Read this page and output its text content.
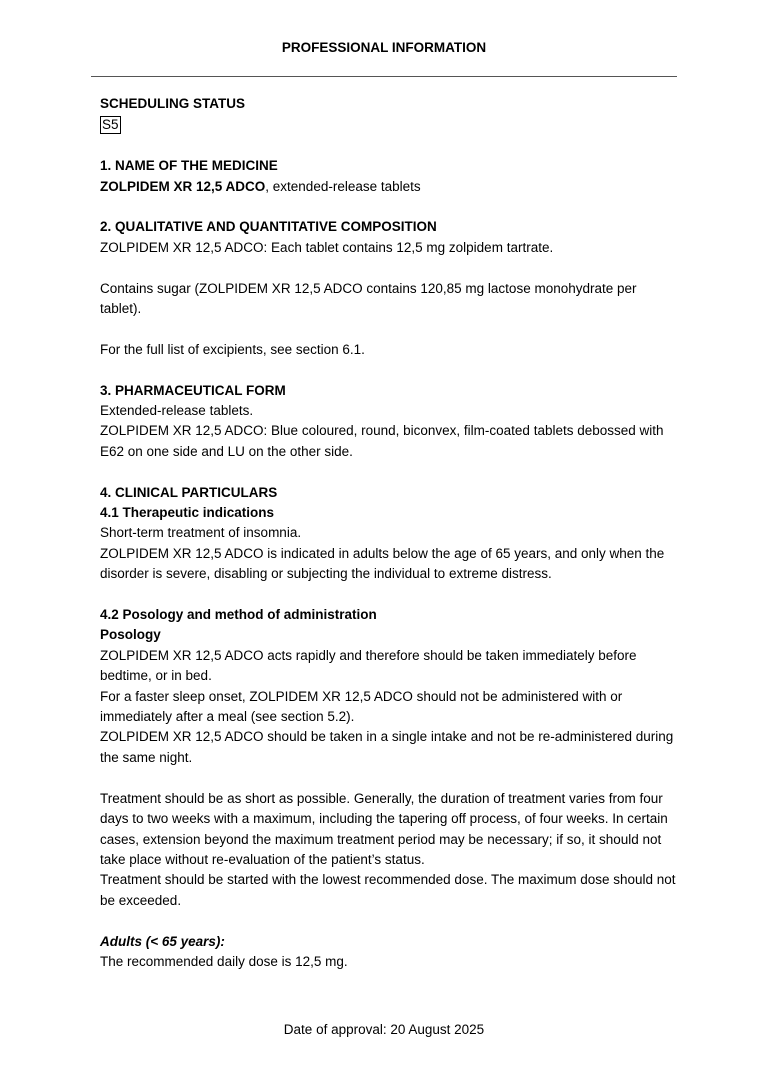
PROFESSIONAL INFORMATION

SCHEDULING STATUS

S5

1. NAME OF THE MEDICINE

ZOLPIDEM XR 12,5 ADCO, extended-release tablets

2. QUALITATIVE AND QUANTITATIVE COMPOSITION

ZOLPIDEM XR 12,5 ADCO: Each tablet contains 12,5 mg zolpidem tartrate.

Contains sugar (ZOLPIDEM XR 12,5 ADCO contains 120,85 mg lactose monohydrate per

tablet).

For the full list of excipients, see section 6.1.

3. PHARMACEUTICAL FORM

Extended-release tablets.

ZOLPIDEM XR 12,5 ADCO: Blue coloured, round, biconvex, film-coated tablets debossed with

E62 on one side and LU on the other side.

4. CLINICAL PARTICULARS

4.1 Therapeutic indications

Short-term treatment of insomnia.

ZOLPIDEM XR 12,5 ADCO is indicated in adults below the age of 65 years, and only when the

disorder is severe, disabling or subjecting the individual to extreme distress.

4.2 Posology and method of administration

Posology

ZOLPIDEM XR 12,5 ADCO acts rapidly and therefore should be taken immediately before

bedtime, or in bed.

For a faster sleep onset, ZOLPIDEM XR 12,5 ADCO should not be administered with or

immediately after a meal (see section 5.2).

ZOLPIDEM XR 12,5 ADCO should be taken in a single intake and not be re-administered during

the same night.

Treatment should be as short as possible. Generally, the duration of treatment varies from four

days to two weeks with a maximum, including the tapering off process, of four weeks. In certain

cases, extension beyond the maximum treatment period may be necessary; if so, it should not

take place without re-evaluation of the patient’s status.

Treatment should be started with the lowest recommended dose. The maximum dose should not

be exceeded.

Adults (< 65 years):

The recommended daily dose is 12,5 mg.

Date of approval: 20 August 2025
